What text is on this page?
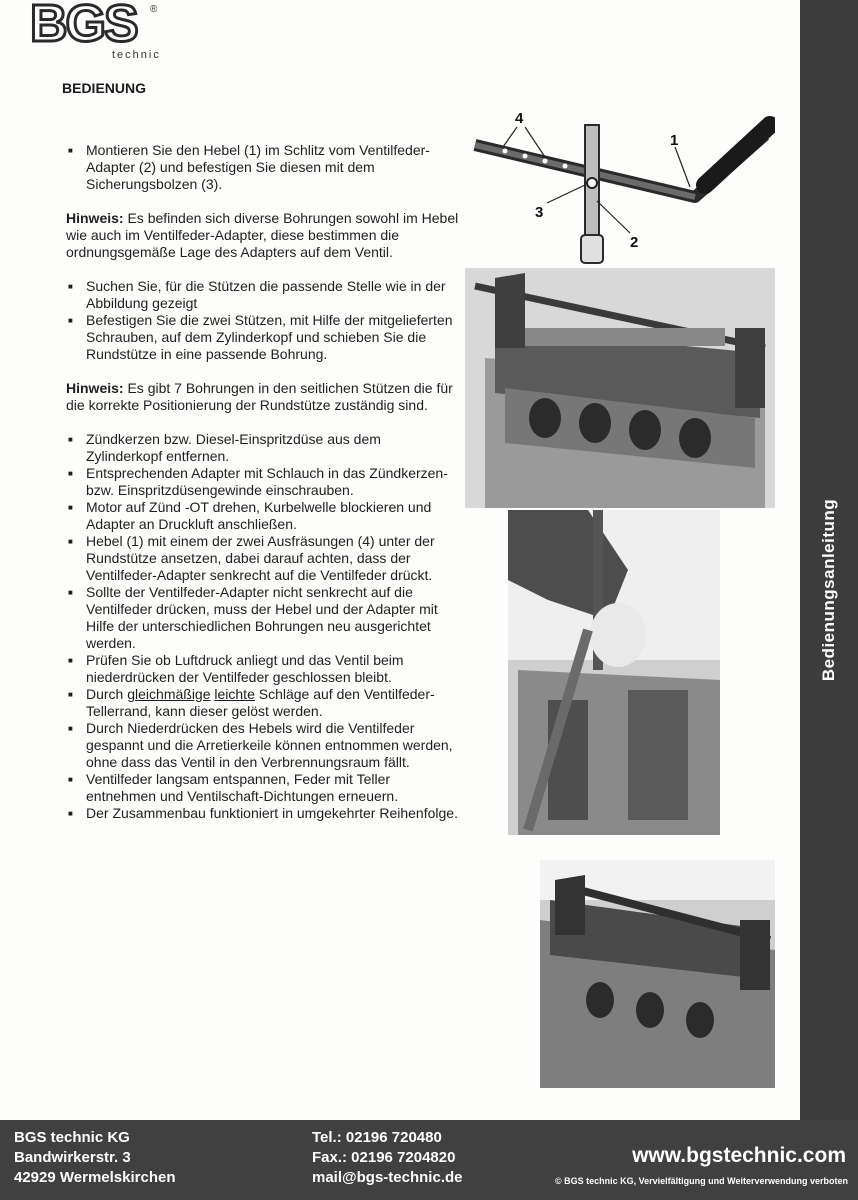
BGS ®
technic
BEDIENUNG
■ Montieren Sie den Hebel (1) im Schlitz vom Ventilfeder-Adapter (2) und befestigen Sie diesen mit dem Sicherungsbolzen (3).

Hinweis: Es befinden sich diverse Bohrungen sowohl im Hebel wie auch im Ventilfeder-Adapter, diese bestimmen die ordnungsgemäße Lage des Adapters auf dem Ventil.

■ Suchen Sie, für die Stützen die passende Stelle wie in der Abbildung gezeigt
■ Befestigen Sie die zwei Stützen, mit Hilfe der mitgelieferten Schrauben, auf dem Zylinderkopf und schieben Sie die Rundstütze in eine passende Bohrung.

Hinweis: Es gibt 7 Bohrungen in den seitlichen Stützen die für die korrekte Positionierung der Rundstütze zuständig sind.

■ Zündkerzen bzw. Diesel-Einspritzdüse aus dem Zylinderkopf entfernen.
■ Entsprechenden Adapter mit Schlauch in das Zündkerzen- bzw. Einspritzdüsengewinde einschrauben.
■ Motor auf Zünd -OT drehen, Kurbelwelle blockieren und Adapter an Druckluft anschließen.
■ Hebel (1) mit einem der zwei Ausfräsungen (4) unter der Rundstütze ansetzen, dabei darauf achten, dass der Ventilfeder-Adapter senkrecht auf die Ventilfeder drückt.
■ Sollte der Ventilfeder-Adapter nicht senkrecht auf die Ventilfeder drücken, muss der Hebel und der Adapter mit Hilfe der unterschiedlichen Bohrungen neu ausgerichtet werden.
■ Prüfen Sie ob Luftdruck anliegt und das Ventil beim niederdrücken der Ventilfeder geschlossen bleibt.
■ Durch gleichmäßige leichte Schläge auf den Ventilfeder-Tellerrand, kann dieser gelöst werden.
■ Durch Niederdrücken des Hebels wird die Ventilfeder gespannt und die Arretierkeile können entnommen werden, ohne dass das Ventil in den Verbrennungsraum fällt.
■ Ventilfeder langsam entspannen, Feder mit Teller entnehmen und Ventilschaft-Dichtungen erneuern.
■ Der Zusammenbau funktioniert in umgekehrter Reihenfolge.
4
1
3
2
Bedienungsanleitung
BGS technic KG
Bandwirkerstr. 3
42929 Wermelskirchen
Tel.: 02196 720480
Fax.: 02196 7204820
mail@bgs-technic.de
www.bgstechnic.com
© BGS technic KG, Vervielfältigung und Weiterverwendung verboten
